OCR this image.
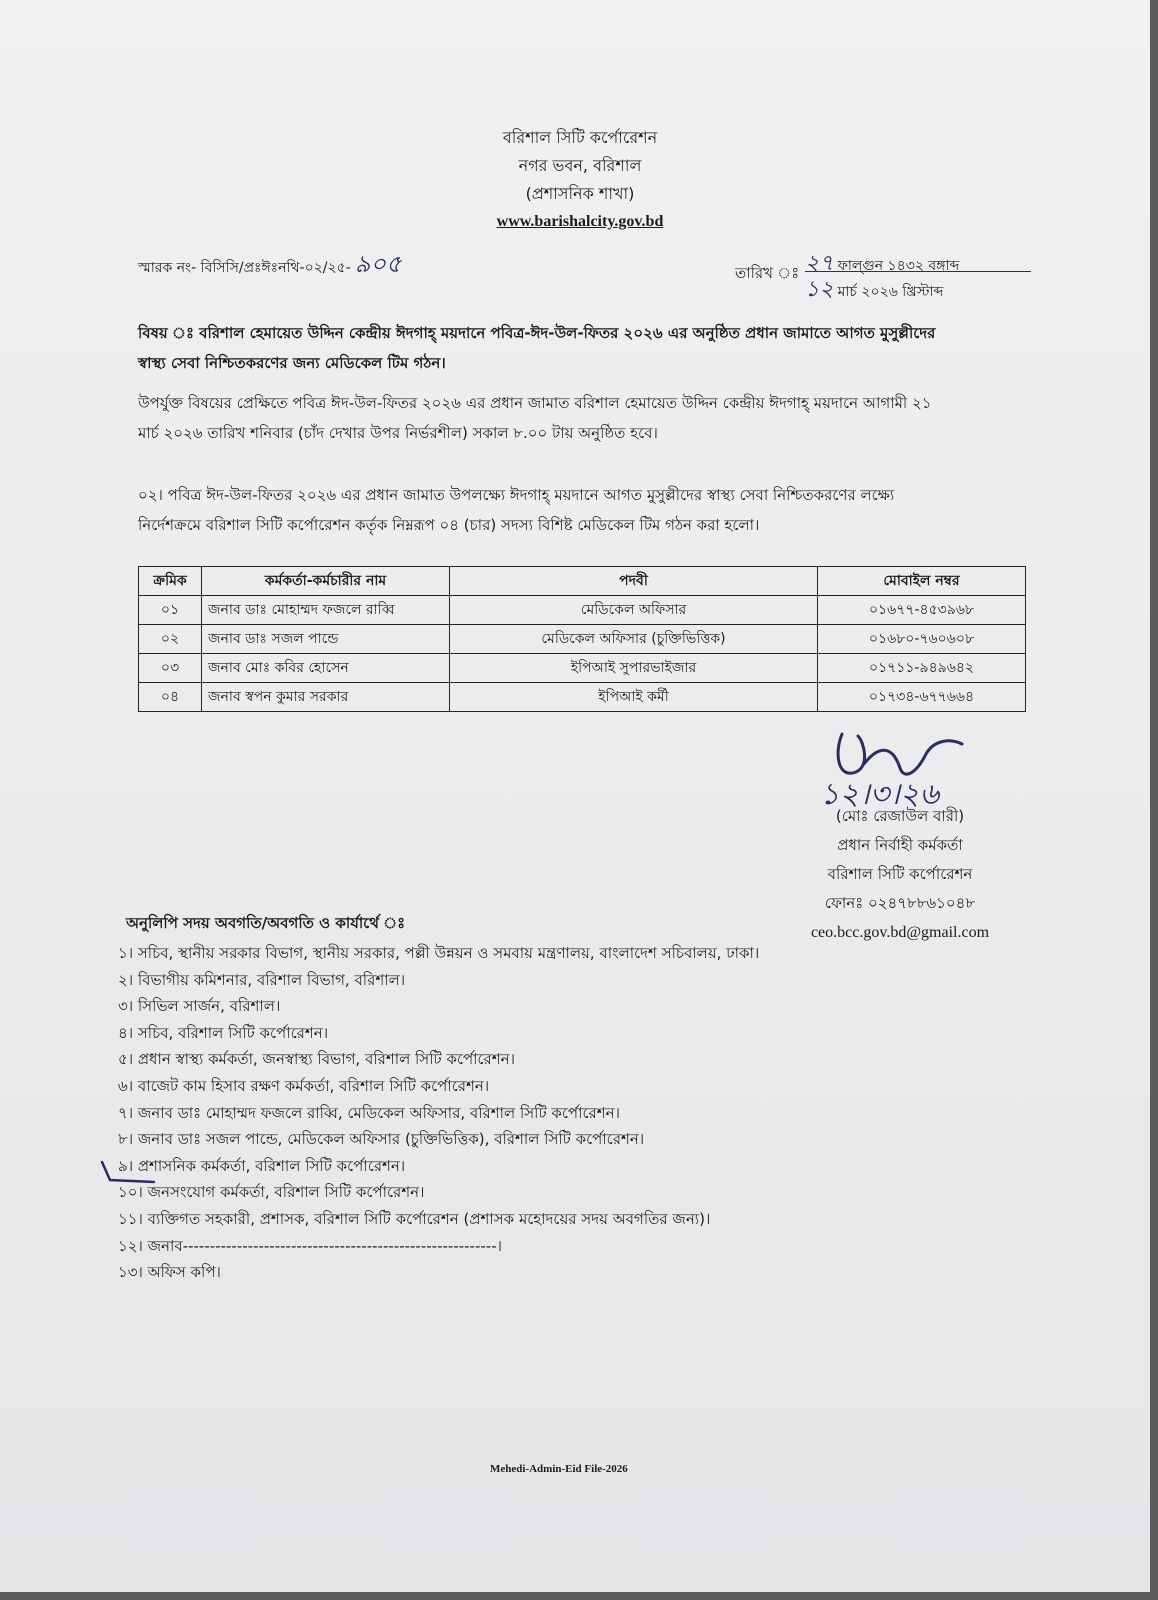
বরিশাল সিটি কর্পোরেশন
নগর ভবন, বরিশাল
(প্রশাসনিক শাখা)
www.barishalcity.gov.bd
স্মারক নং- বিসিসি/প্রঃঈঃনথি-০২/২৫- ৯০৫	তারিখ ঃ ২৭ ফাল্গুন ১৪৩২ বঙ্গাব্দ
১২ মার্চ ২০২৬ খ্রিস্টাব্দ
বিষয় ঃ বরিশাল হেমায়েত উদ্দিন কেন্দ্রীয় ঈদগাহ্ ময়দানে পবিত্র-ঈদ-উল-ফিতর ২০২৬ এর অনুষ্ঠিত প্রধান জামাতে আগত মুসুল্লীদের
স্বাস্থ্য সেবা নিশ্চিতকরণের জন্য মেডিকেল টিম গঠন।
উপর্যুক্ত বিষয়ের প্রেক্ষিতে পবিত্র ঈদ-উল-ফিতর ২০২৬ এর প্রধান জামাত বরিশাল হেমায়েত উদ্দিন কেন্দ্রীয় ঈদগাহ্ ময়দানে আগামী ২১
মার্চ ২০২৬ তারিখ শনিবার (চাঁদ দেখার উপর নির্ভরশীল) সকাল ৮.০০ টায় অনুষ্ঠিত হবে।
০২। পবিত্র ঈদ-উল-ফিতর ২০২৬ এর প্রধান জামাত উপলক্ষ্যে ঈদগাহ্ ময়দানে আগত মুসুল্লীদের স্বাস্থ্য সেবা নিশ্চিতকরণের লক্ষ্যে
নির্দেশক্রমে বরিশাল সিটি কর্পোরেশন কর্তৃক নিম্নরূপ ০৪ (চার) সদস্য বিশিষ্ট মেডিকেল টিম গঠন করা হলো।
ক্রমিক	কর্মকর্তা-কর্মচারীর নাম	পদবী	মোবাইল নম্বর
০১	জনাব ডাঃ মোহাম্মদ ফজলে রাব্বি	মেডিকেল অফিসার	০১৬৭৭-৪৫৩৯৬৮
০২	জনাব ডাঃ সজল পান্ডে	মেডিকেল অফিসার (চুক্তিভিত্তিক)	০১৬৮০-৭৬০৬০৮
০৩	জনাব মোঃ কবির হোসেন	ইপিআই সুপারভাইজার	০১৭১১-৯৪৯৬৪২
০৪	জনাব স্বপন কুমার সরকার	ইপিআই কর্মী	০১৭৩৪-৬৭৭৬৬৪
১২।৩।২৬
(মোঃ রেজাউল বারী)
প্রধান নির্বাহী কর্মকর্তা
বরিশাল সিটি কর্পোরেশন
ফোনঃ ০২৪৭৮৮৬১০৪৮
ceo.bcc.gov.bd@gmail.com
অনুলিপি সদয় অবগতি/অবগতি ও কার্যার্থে ঃ
১। সচিব, স্থানীয় সরকার বিভাগ, স্থানীয় সরকার, পল্লী উন্নয়ন ও সমবায় মন্ত্রণালয়, বাংলাদেশ সচিবালয়, ঢাকা।
২। বিভাগীয় কমিশনার, বরিশাল বিভাগ, বরিশাল।
৩। সিভিল সার্জন, বরিশাল।
৪। সচিব, বরিশাল সিটি কর্পোরেশন।
৫। প্রধান স্বাস্থ্য কর্মকর্তা, জনস্বাস্থ্য বিভাগ, বরিশাল সিটি কর্পোরেশন।
৬। বাজেট কাম হিসাব রক্ষণ কর্মকর্তা, বরিশাল সিটি কর্পোরেশন।
৭। জনাব ডাঃ মোহাম্মদ ফজলে রাব্বি, মেডিকেল অফিসার, বরিশাল সিটি কর্পোরেশন।
৮। জনাব ডাঃ সজল পান্ডে, মেডিকেল অফিসার (চুক্তিভিত্তিক), বরিশাল সিটি কর্পোরেশন।
৯। প্রশাসনিক কর্মকর্তা, বরিশাল সিটি কর্পোরেশন।
১০। জনসংযোগ কর্মকর্তা, বরিশাল সিটি কর্পোরেশন।
১১। ব্যক্তিগত সহকারী, প্রশাসক, বরিশাল সিটি কর্পোরেশন (প্রশাসক মহোদয়ের সদয় অবগতির জন্য)।
১২। জনাব----------------------------------------------------------।
১৩। অফিস কপি।
Mehedi-Admin-Eid File-2026
